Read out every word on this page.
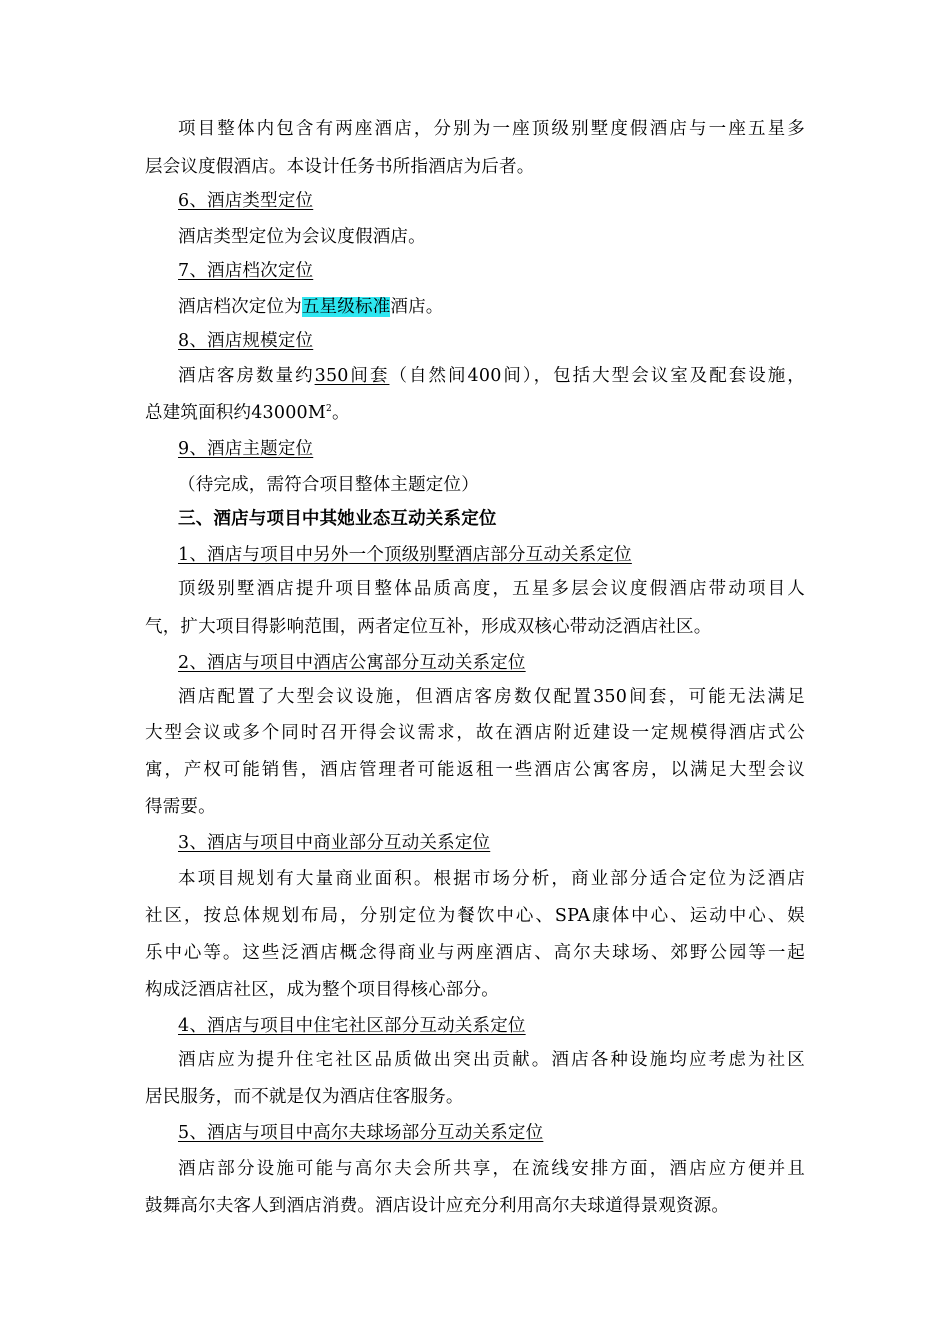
项目整体内包含有两座酒店，分别为一座顶级别墅度假酒店与一座五星多
层会议度假酒店。本设计任务书所指酒店为后者。
6、酒店类型定位
酒店类型定位为会议度假酒店。
7、酒店档次定位
酒店档次定位为五星级标准酒店。
8、酒店规模定位
酒店客房数量约350间套（自然间400间），包括大型会议室及配套设施，
总建筑面积约$43000M^2$。
9、酒店主题定位
（待完成，需符合项目整体主题定位）
三、酒店与项目中其她业态互动关系定位
1、酒店与项目中另外一个顶级别墅酒店部分互动关系定位
顶级别墅酒店提升项目整体品质高度，五星多层会议度假酒店带动项目人
气，扩大项目得影响范围，两者定位互补，形成双核心带动泛酒店社区。
2、酒店与项目中酒店公寓部分互动关系定位
酒店配置了大型会议设施，但酒店客房数仅配置350间套，可能无法满足
大型会议或多个同时召开得会议需求，故在酒店附近建设一定规模得酒店式公
寓，产权可能销售，酒店管理者可能返租一些酒店公寓客房，以满足大型会议
得需要。
3、酒店与项目中商业部分互动关系定位
本项目规划有大量商业面积。根据市场分析，商业部分适合定位为泛酒店
社区，按总体规划布局，分别定位为餐饮中心、SPA康体中心、运动中心、娱
乐中心等。这些泛酒店概念得商业与两座酒店、高尔夫球场、郊野公园等一起
构成泛酒店社区，成为整个项目得核心部分。
4、酒店与项目中住宅社区部分互动关系定位
酒店应为提升住宅社区品质做出突出贡献。酒店各种设施均应考虑为社区
居民服务，而不就是仅为酒店住客服务。
5、酒店与项目中高尔夫球场部分互动关系定位
酒店部分设施可能与高尔夫会所共享，在流线安排方面，酒店应方便并且
鼓舞高尔夫客人到酒店消费。酒店设计应充分利用高尔夫球道得景观资源。
